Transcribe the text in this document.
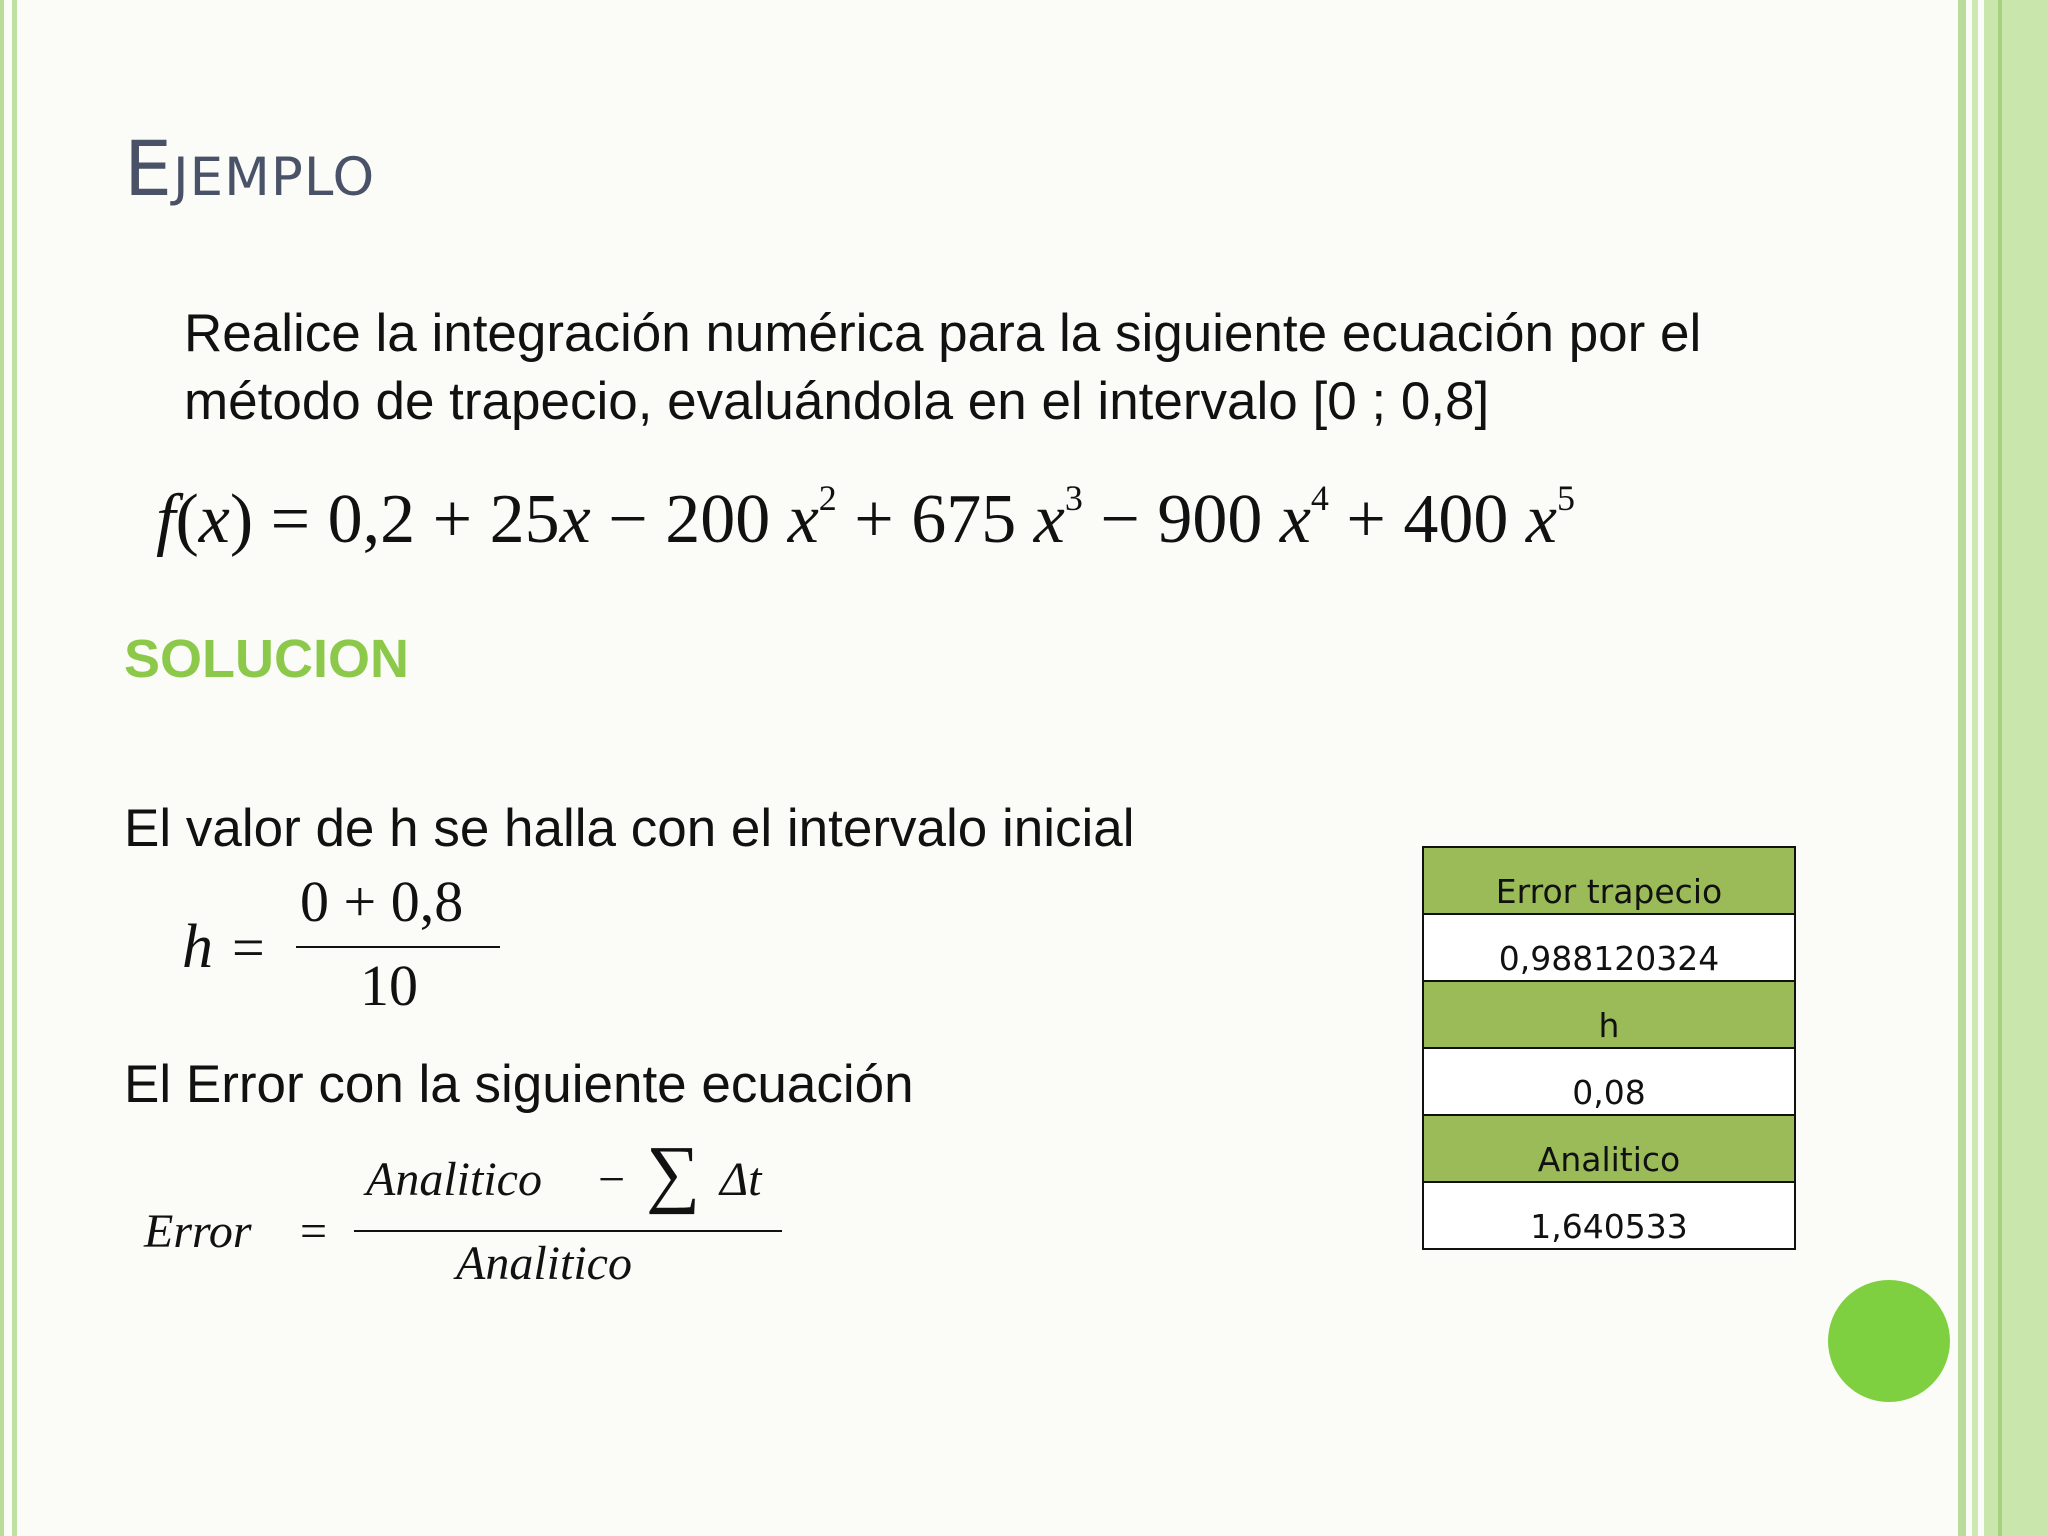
Ejemplo

Realice la integración numérica para la siguiente ecuación por el método de trapecio, evaluándola en el intervalo [0 ; 0,8]

f(x) = 0,2 + 25x − 200 $x^2 + 675$ $x^3 - 900$ $x^4 + 400$ $x^5$
SOLUCION
El valor de h se halla con el intervalo inicial
h =
0 + 0,8
10
El Error con la siguiente ecuación
Error =
Analitico − ∑ Δt
Analitico
Error trapecio
0,988120324
h
0,08
Analitico
1,640533
